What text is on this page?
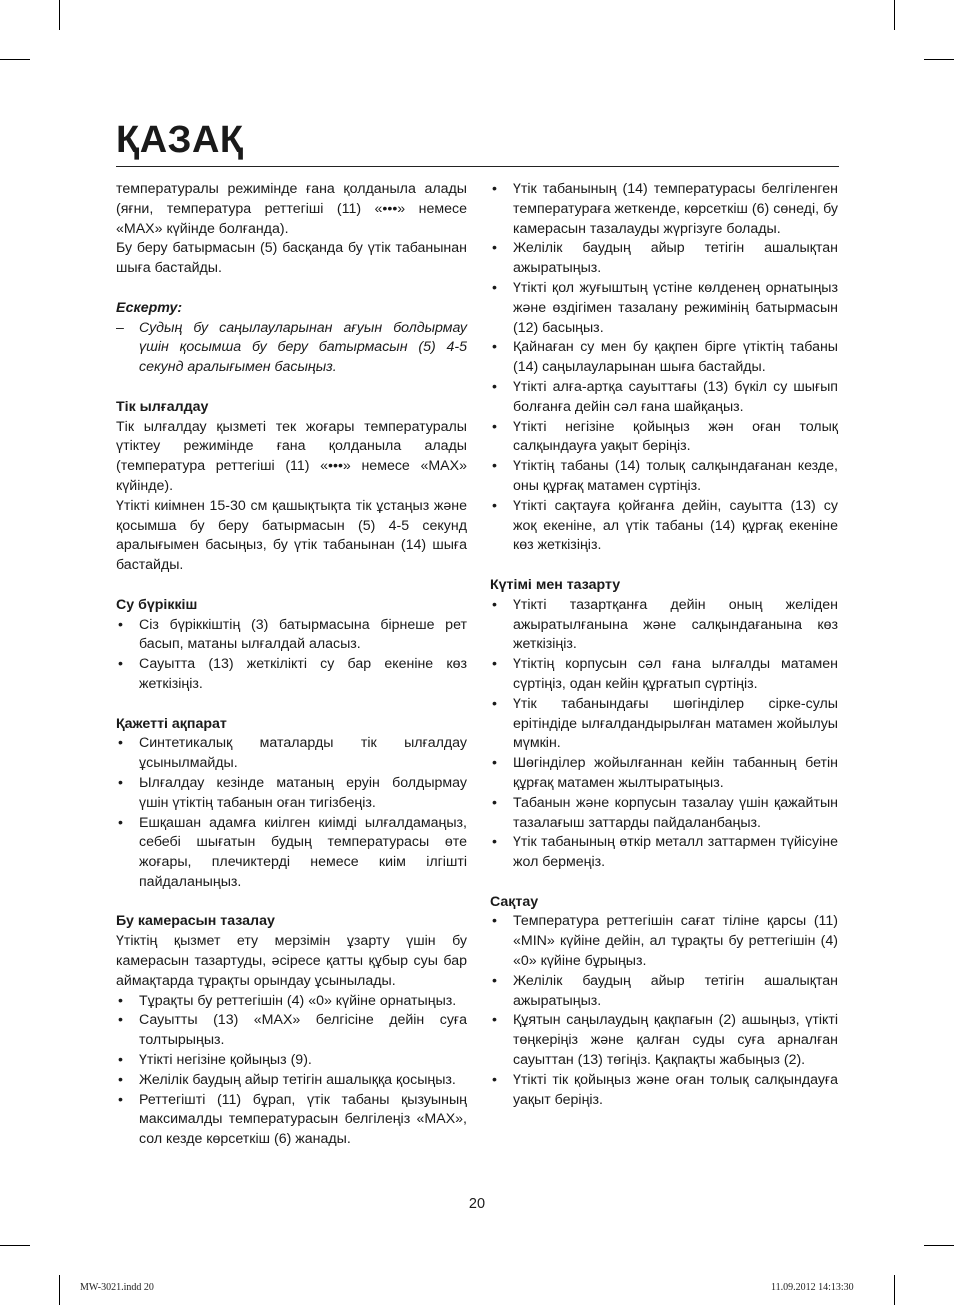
ҚАЗАҚ

температуралы режимінде ғана қолданыла алады (яғни, температура реттегіші (11) «•••» немесе «MAX» күйінде болғанда).

Бу беру батырмасын (5) басқанда бу үтік табанынан шыға бастайды.

Ескерту:

– Судың бу саңылауларынан ағуын болдырмау үшін қосымша бу беру батырмасын (5) 4-5 секунд аралығымен басыңыз.

Тік ылғалдау

Тік ылғалдау қызметі тек жоғары температуралы үтіктеу режимінде ғана қолданыла алады (температура реттегіші (11) «•••» немесе «MAX» күйінде).

Үтікті киімнен 15-30 см қашықтықта тік ұстаңыз және қосымша бу беру батырмасын (5) 4-5 секунд аралығымен басыңыз, бу үтік табанынан (14) шыға бастайды.

Су бүріккіш

• Сіз бүріккіштің (3) батырмасына бірнеше рет басып, матаны ылғалдай аласыз.
• Сауытта (13) жеткілікті су бар екеніне көз жеткізіңіз.

Қажетті ақпарат

• Синтетикалық маталарды тік ылғалдау ұсынылмайды.
• Ылғалдау кезінде матаның еруін болдырмау үшін үтіктің табанын оған тигізбеңіз.
• Ешқашан адамға киілген киімді ылғалдамаңыз, себебі шығатын будың температурасы өте жоғары, плечиктерді немесе киім ілгішті пайдаланыңыз.

Бу камерасын тазалау

Үтіктің қызмет ету мерзімін ұзарту үшін бу камерасын тазартуды, әсіресе қатты құбыр суы бар аймақтарда тұрақты орындау ұсынылады.

• Тұрақты бу реттегішін (4) «0» күйіне орнатыңыз.
• Сауытты (13) «MAX» белгісіне дейін суға толтырыңыз.
• Үтікті негізіне қойыңыз (9).
• Желілік баудың айыр тетігін ашалыққа қосыңыз.
• Реттегішті (11) бұрап, үтік табаны қызуының максималды температурасын белгілеңіз «MAX», сол кезде көрсеткіш (6) жанады.
• Үтік табанының (14) температурасы белгіленген температураға жеткенде, көрсеткіш (6) сөнеді, бу камерасын тазалауды жүргізуге болады.
• Желілік баудың айыр тетігін ашалықтан ажыратыңыз.
• Үтікті қол жуғыштың үстіне көлденең орнатыңыз және өздігімен тазалану режимінің батырмасын (12) басыңыз.
• Қайнаған су мен бу қақпен бірге үтіктің табаны (14) саңылауларынан шыға бастайды.
• Үтікті алға-артқа сауыттағы (13) бүкіл су шығып болғанға дейін сәл ғана шайқаңыз.
• Үтікті негізіне қойыңыз жән оған толық салқындауға уақыт беріңіз.
• Үтіктің табаны (14) толық салқындағанан кезде, оны құрғақ матамен сүртіңіз.
• Үтікті сақтауға қойғанға дейін, сауытта (13) су жоқ екеніне, ал үтік табаны (14) құрғақ екеніне көз жеткізіңіз.

Күтімі мен тазарту

• Үтікті тазартқанға дейін оның желіден ажыратылғанына және салқындағанына көз жеткізіңіз.
• Үтіктің корпусын сәл ғана ылғалды матамен сүртіңіз, одан кейін құрғатып сүртіңіз.
• Үтік табанындағы шөгінділер сірке-сулы ерітіндіде ылғалдандырылған матамен жойылуы мүмкін.
• Шөгінділер жойылғаннан кейін табанның бетін құрғақ матамен жылтыратыңыз.
• Табанын және корпусын тазалау үшін қажайтын тазалағыш заттарды пайдаланбаңыз.
• Үтік табанының өткір металл заттармен түйісуіне жол бермеңіз.

Сақтау

• Температура реттегішін сағат тіліне қарсы (11) «MIN» күйіне дейін, ал тұрақты бу реттегішін (4) «0» күйіне бұрыңыз.
• Желілік баудың айыр тетігін ашалықтан ажыратыңыз.
• Құятын саңылаудың қақпағын (2) ашыңыз, үтікті төңкеріңіз және қалған суды суға арналған сауыттан (13) төгіңіз. Қақпақты жабыңыз (2).
• Үтікті тік қойыңыз және оған толық салқындауға уақыт беріңіз.
20
MW-3021.indd 20	11.09.2012 14:13:30
